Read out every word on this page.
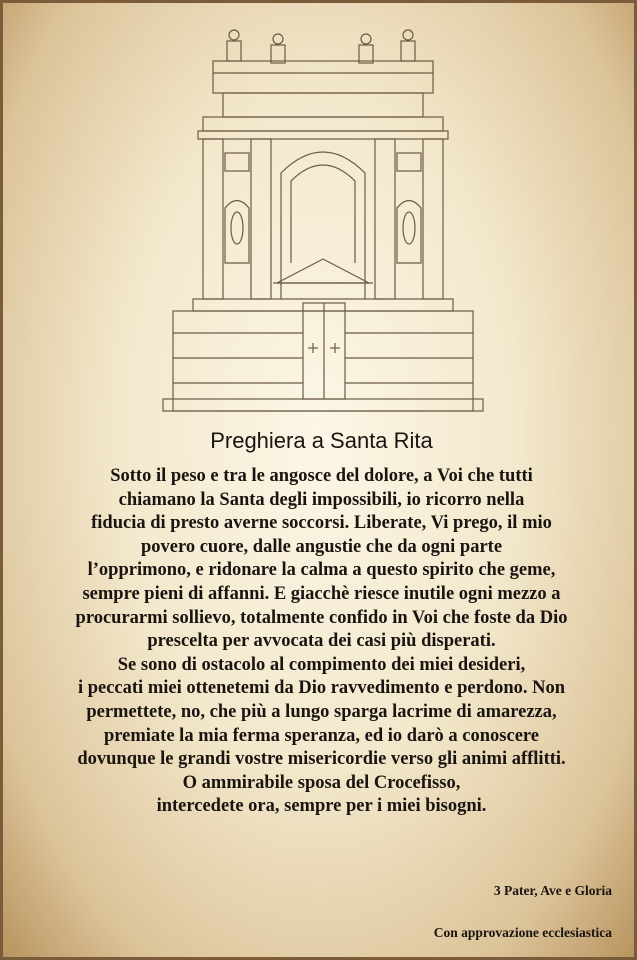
Preghiera a Santa Rita
Sotto il peso e tra le angosce del dolore, a Voi che tutti
chiamano la Santa degli impossibili, io ricorro nella
fiducia di presto averne soccorsi. Liberate, Vi prego, il mio
povero cuore, dalle angustie che da ogni parte
l’opprimono, e ridonare la calma a questo spirito che geme,
sempre pieni di affanni. E giacchè riesce inutile ogni mezzo a
procurarmi sollievo, totalmente confido in Voi che foste da Dio
prescelta per avvocata dei casi più disperati.
Se sono di ostacolo al compimento dei miei desideri,
i peccati miei ottenetemi da Dio ravvedimento e perdono. Non
permettete, no, che più a lungo sparga lacrime di amarezza,
premiate la mia ferma speranza, ed io darò a conoscere
dovunque le grandi vostre misericordie verso gli animi afflitti.
O ammirabile sposa del Crocefisso,
intercedete ora, sempre per i miei bisogni.
3 Pater, Ave e Gloria
Con approvazione ecclesiastica
